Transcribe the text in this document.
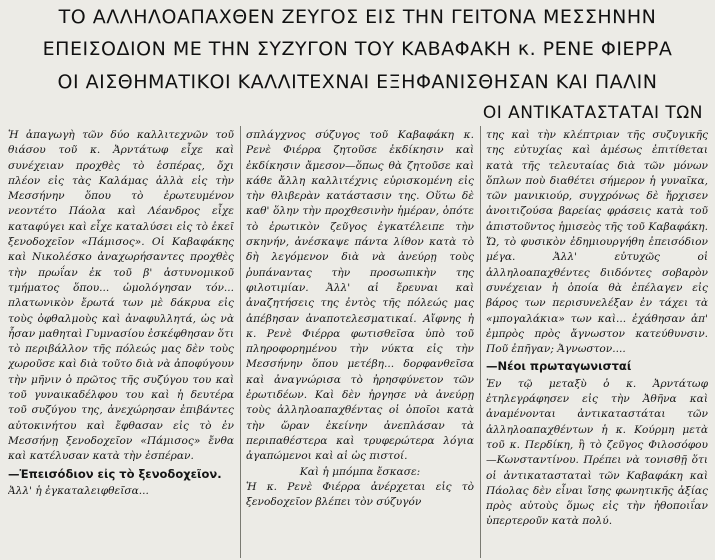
ΤΟ ΑΛΛΗΛΟΑΠΑΧΘΕΝ ΖΕΥΓΟΣ ΕΙΣ ΤΗΝ ΓΕΙΤΟΝΑ ΜΕΣΣΗΝΗΝ
ΕΠΕΙΣΟΔΙΟΝ ΜΕ ΤΗΝ ΣΥΖΥΓΟΝ ΤΟΥ ΚΑΒΑΦΑΚΗ κ. ΡΕΝΕ ΦΙΕΡΡΑ
ΟΙ ΑΙΣΘΗΜΑΤΙΚΟΙ ΚΑΛΛΙΤΕΧΝΑΙ ΕΞΗΦΑΝΙΣΘΗΣΑΝ ΚΑΙ ΠΑΛΙΝ
ΟΙ ΑΝΤΙΚΑΤΑΣΤΑΤΑΙ ΤΩΝ

Ἡ ἀπαγωγὴ τῶν δύο καλλιτεχνῶν τοῦ θιάσου τοῦ κ. Ἀρντάτωφ εἶχε καὶ συνέχειαν προχθὲς τὸ ἑσπέρας, ὄχι πλέον εἰς τὰς Καλάμας ἀλλὰ εἰς τὴν Μεσσήνην ὅπου τὸ ἐρωτευμένον νεοντέτο Πάολα καὶ Λέανδρος εἶχε καταφύγει καὶ εἶχε καταλύσει εἰς τὸ ἐκεῖ ξενοδοχεῖον «Πάμισος». Οἱ Καβαφάκης καὶ Νικολέσκο ἀναχωρήσαντες προχθὲς τὴν πρωΐαν ἐκ τοῦ β' ἀστυνομικοῦ τμήματος ὅπου... ὡμολόγησαν τόν... πλατωνικὸν ἔρωτά των μὲ δάκρυα εἰς τοὺς ὀφθαλμοὺς καὶ ἀναφυλλητά, ὡς νὰ ἦσαν μαθηταὶ Γυμνασίου ἐσκέφθησαν ὅτι τὸ περιβάλλον τῆς πόλεώς μας δὲν τοὺς χωροῦσε καὶ διὰ τοῦτο διὰ νὰ ἀποφύγουν τὴν μῆνιν ὁ πρῶτος τῆς συζύγου του καὶ τοῦ γυναικαδέλφου του καὶ ἡ δευτέρα τοῦ συζύγου της, ἀνεχώρησαν ἐπιβάντες αὐτοκινήτου καὶ ἔφθασαν εἰς τὸ ἐν Μεσσήνῃ ξενοδοχεῖον «Πάμισος» ἔνθα καὶ κατέλυσαν κατὰ τὴν ἑσπέραν.

—Ἐπεισόδιον εἰς τὸ ξενοδοχεῖον.

Ἀλλ' ἡ ἐγκαταλειφθεῖσα...

σπλάγχνος σύζυγος τοῦ Καβαφάκη κ. Ρενὲ Φιέρρα ζητοῦσε ἐκδίκησιν καὶ ἐκδίκησιν ἄμεσον—ὅπως θὰ ζητοῦσε καὶ κάθε ἄλλη καλλιτέχνις εὑρισκομένη εἰς τὴν θλιβερὰν κατάστασιν της. Οὕτω δὲ καθ' ὅλην τὴν προχθεσινὴν ἡμέραν, ὁπότε τὸ ἐρωτικὸν ζεῦγος ἐγκατέλειπε τὴν σκηνήν, ἀνέσκαψε πάντα λίθον κατὰ τὸ δὴ λεγόμενον διὰ νὰ ἀνεύρῃ τοὺς ῥυπάναντας τὴν προσωπικὴν της φιλοτιμίαν. Ἀλλ' αἱ ἔρευναι καὶ ἀναζητήσεις της ἐντὸς τῆς πόλεώς μας ἀπέβησαν ἀναποτελεσματικαί. Αἴφνης ἡ κ. Ρενὲ Φιέρρα φωτισθεῖσα ὑπὸ τοῦ πληροφορημένου τὴν νύκτα εἰς τὴν Μεσσήνην ὅπου μετέβη... δορφανθεῖσα καὶ ἀναγνώρισα τὸ ἠρησφύνετον τῶν ἐρωτιδέων. Καὶ δὲν ἠργησε νὰ ἀνεύρῃ τοὺς ἀλληλοαπαχθέντας οἱ ὁποῖοι κατὰ τὴν ὥραν ἐκείνην ἀνεπλάσαν τὰ περιπαθέστερα καὶ τρυφερώτερα λόγια ἀγαπώμενοι καὶ αἱ ὡς πιστοί.

Καὶ ἡ μπόμπα ἔσκασε:

Ἡ κ. Ρενὲ Φιέρρα ἀνέρχεται εἰς τὸ ξενοδοχεῖον βλέπει τὸν σύζυγόν

της καὶ τὴν κλέπτριαν τῆς συζυγικῆς της εὐτυχίας καὶ ἀμέσως ἐπιτίθεται κατὰ τῆς τελευταίας διὰ τῶν μόνων ὅπλων ποὺ διαθέτει σήμερον ἡ γυναῖκα, τῶν μανικιούρ, συγχρόνως δὲ ἤρχισεν ἀνοιτιζούσα βαρείας φράσεις κατὰ τοῦ ἀπιστοῦντος ἡμισεὸς τῆς τοῦ Καβαφάκη. Ὤ, τὸ φυσικὸν ἐδημιουργήθη ἐπεισόδιον μέγα. Ἀλλ' εὐτυχῶς οἱ ἀλληλοαπαχθέντες διιδόντες σοβαρὸν συνέχειαν ἡ ὁποία θὰ ἐπέλαγεν εἰς βάρος των περισυνελέξαν ἐν τάχει τὰ «μπογαλάκια» των καὶ... ἐχάθησαν ἀπ' ἐμπρὸς πρὸς ἄγνωστον κατεύθυνσιν. Ποῦ ἐπῆγαν; Ἀγνωστον....

—Νέοι πρωταγωνισταί

Ἐν τῷ μεταξὺ ὁ κ. Ἀρντάτωφ ἐτηλεγράφησεν εἰς τὴν Ἀθῆνα καὶ ἀναμένονται ἀντικαταστάται τῶν ἀλληλοαπαχθέντων ἡ κ. Κούρμη μετὰ τοῦ κ. Περδίκη, ἢ τὸ ζεῦγος Φιλοσόφου—Κωνσταντίνου. Πρέπει νὰ τονισθῇ ὅτι οἱ ἀντικατασταταὶ τῶν Καβαφάκη καὶ Πάολας δὲν εἶναι ἴσης φωνητικῆς ἀξίας πρὸς αὐτοὺς ὅμως εἰς τὴν ἠθοποιΐαν ὑπερτεροῦν κατὰ πολύ.
